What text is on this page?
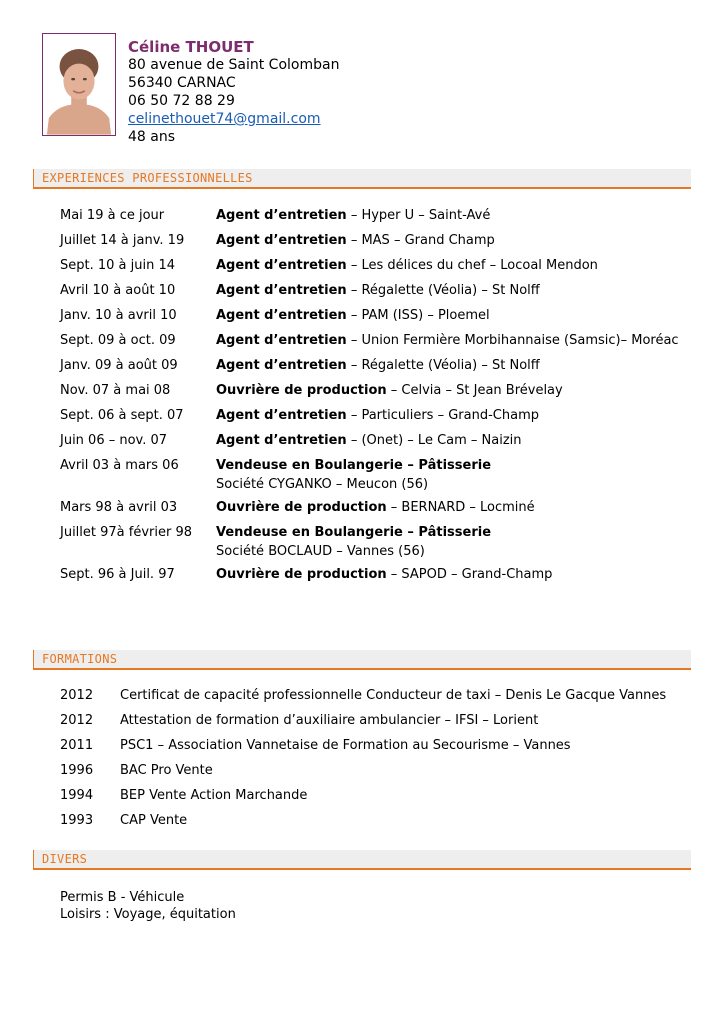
Céline THOUET
80 avenue de Saint Colomban
56340 CARNAC
06 50 72 88 29
celinethouet74@gmail.com
48 ans
EXPERIENCES PROFESSIONNELLES
Mai 19 à ce jour	Agent d’entretien – Hyper U – Saint-Avé
Juillet 14 à janv. 19	Agent d’entretien – MAS – Grand Champ
Sept. 10 à juin 14	Agent d’entretien – Les délices du chef – Locoal Mendon
Avril 10 à août 10	Agent d’entretien – Régalette (Véolia) – St Nolff
Janv. 10 à avril 10	Agent d’entretien – PAM (ISS) – Ploemel
Sept. 09 à oct. 09	Agent d’entretien – Union Fermière Morbihannaise (Samsic)– Moréac
Janv. 09 à août 09	Agent d’entretien – Régalette (Véolia) – St Nolff
Nov. 07 à mai 08	Ouvrière de production – Celvia – St Jean Brévelay
Sept. 06 à sept. 07	Agent d’entretien – Particuliers – Grand-Champ
Juin 06 – nov. 07	Agent d’entretien – (Onet) – Le Cam – Naizin
Avril 03 à mars 06	Vendeuse en Boulangerie – Pâtisserie
Société CYGANKO – Meucon (56)
Mars 98 à avril 03	Ouvrière de production – BERNARD – Locminé
Juillet 97à février 98	Vendeuse en Boulangerie – Pâtisserie
Société BOCLAUD – Vannes (56)
Sept. 96 à Juil. 97	Ouvrière de production – SAPOD – Grand-Champ
FORMATIONS
2012	Certificat de capacité professionnelle Conducteur de taxi – Denis Le Gacque Vannes
2012	Attestation de formation d’auxiliaire ambulancier – IFSI – Lorient
2011	PSC1 – Association Vannetaise de Formation au Secourisme – Vannes
1996	BAC Pro Vente
1994	BEP Vente Action Marchande
1993	CAP Vente
DIVERS
Permis B - Véhicule
Loisirs : Voyage, équitation
